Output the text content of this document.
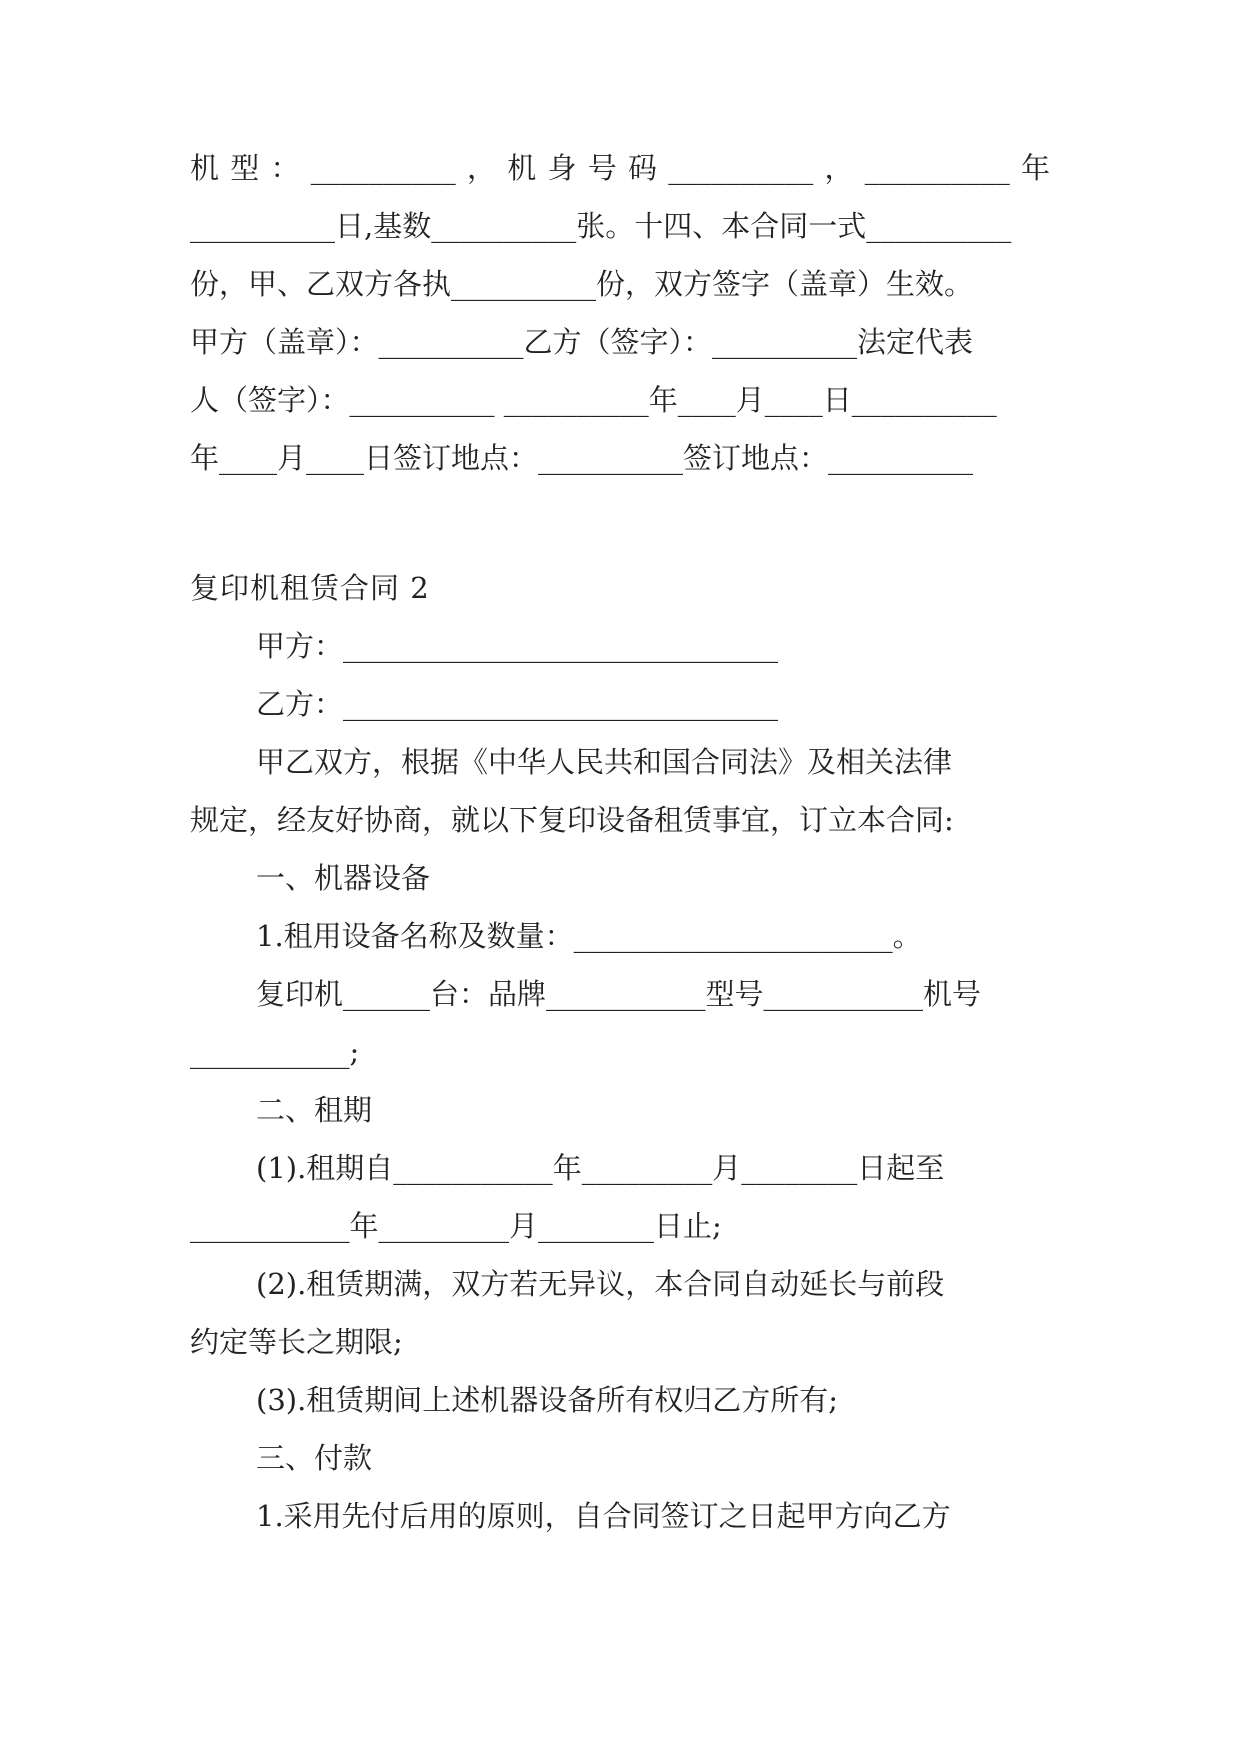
机 型 ： __________ ， 机 身 号 码 __________ ， __________ 年
__________日,基数__________张。十四、本合同一式__________
份，甲、乙双方各执__________份，双方签字（盖章）生效。
甲方（盖章）：__________乙方（签字）：__________法定代表
人（签字）：__________ __________年____月____日__________
年____月____日签订地点：__________签订地点：__________
复印机租赁合同 2
甲方：______________________________
乙方：______________________________
甲乙双方，根据《中华人民共和国合同法》及相关法律
规定，经友好协商，就以下复印设备租赁事宜，订立本合同:
一、机器设备
1.租用设备名称及数量：______________________。
复印机______台：品牌___________型号___________机号
___________;
二、租期
(1).租期自___________年_________月________日起至
___________年_________月________日止;
(2).租赁期满，双方若无异议，本合同自动延长与前段
约定等长之期限;
(3).租赁期间上述机器设备所有权归乙方所有;
三、付款
1.采用先付后用的原则，自合同签订之日起甲方向乙方
